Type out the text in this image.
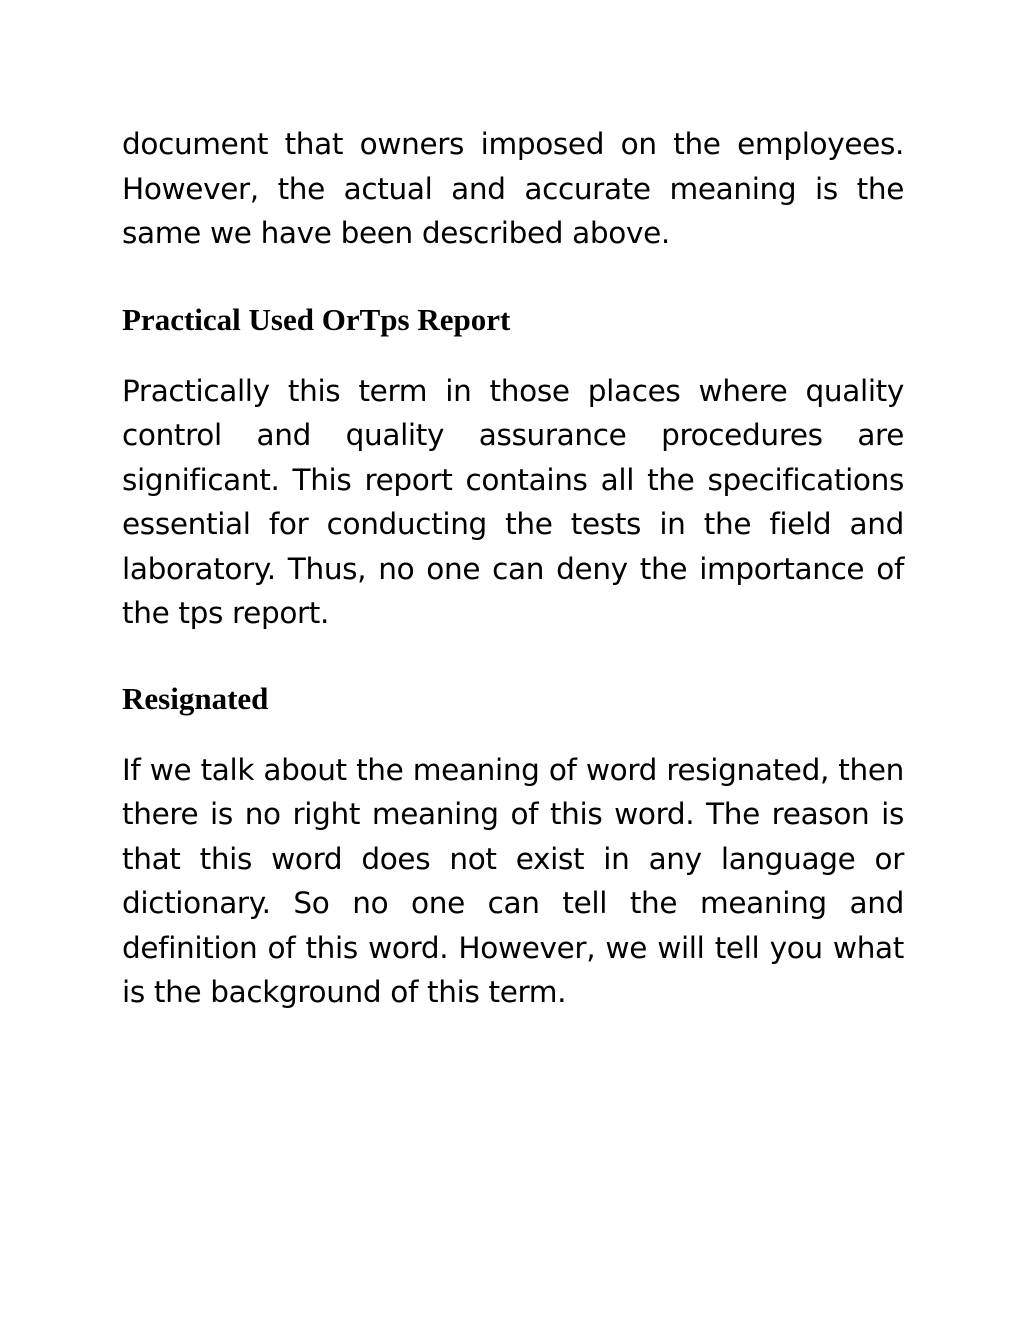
document that owners imposed on the employees. However, the actual and accurate meaning is the same we have been described above.

Practical Used OrTps Report

Practically this term in those places where quality control and quality assurance procedures are significant. This report contains all the specifications essential for conducting the tests in the field and laboratory. Thus, no one can deny the importance of the tps report.

Resignated

If we talk about the meaning of word resignated, then there is no right meaning of this word. The reason is that this word does not exist in any language or dictionary. So no one can tell the meaning and definition of this word. However, we will tell you what is the background of this term.
